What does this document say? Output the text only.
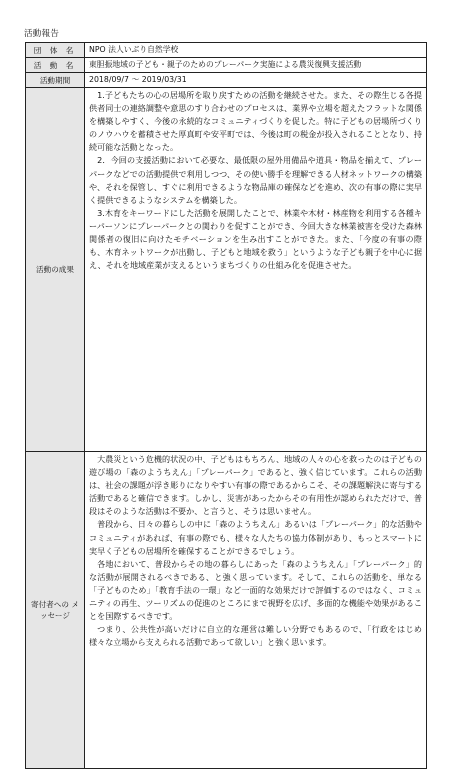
活動報告
団 体 名	NPO 法人いぶり自然学校
活 動 名	東胆振地域の子ども・親子のためのプレーパーク実施による農災復興支援活動
活動期間	2018/09/7 ～ 2019/03/31
活動の成果	1.子どもたちの心の居場所を取り戻すための活動を継続させた。また、その際生じる各提供者同士の連絡調整や意思のすり合わせのプロセスは、業界や立場を超えたフラットな関係を構築しやすく、今後の永続的なコミュニティづくりを促した。特に子どもの居場所づくりのノウハウを蓄積させた厚真町や安平町では、今後は町の税金が投入されることとなり、持続可能な活動となった。

2．今回の支援活動において必要な、最低限の屋外用備品や道具・物品を揃えて、プレーパークなどでの活動提供で利用しつつ、その使い勝手を理解できる人材ネットワークの構築や、それを保管し、すぐに利用できるような物品庫の確保などを進め、次の有事の際に実早く提供できるようなシステムを構築した。

3.木育をキーワードにした活動を展開したことで、林業や木材・林産物を利用する各種キーパーソンにプレーパークとの関わりを促すことができ、今回大きな林業被害を受けた森林関係者の復旧に向けたモチベーションを生み出すことができた。また、「今度の有事の際も、木育ネットワークが出動し、子どもと地域を救う」というような子ども親子を中心に据え、それを地域産業が支えるというまちづくりの仕組み化を促進させた。

寄付者への メッセージ	大農災という危機的状況の中、子どもはもちろん、地域の人々の心を救ったのは子どもの遊び場の「森のようちえん」「プレーパーク」であると、強く信じています。これらの活動は、社会の課題が浮き彫りになりやすい有事の際であるからこそ、その課題解決に寄与する活動であると確信できます。しかし、災害があったからその有用性が認められただけで、普段はそのような活動は不要か、と言うと、そうは思いません。

普段から、日々の暮らしの中に「森のようちえん」あるいは「プレーパーク」的な活動やコミュニティがあれば、有事の際でも、様々な人たちの協力体制があり、もっとスマートに実早く子どもの居場所を確保することができるでしょう。

各地において、普段からその地の暮らしにあった「森のようちえん」「プレーパーク」的な活動が展開されるべきである、と強く思っています。そして、これらの活動を、単なる「子どものため」「教育手法の一環」など一面的な効果だけで評価するのではなく、コミュニティの再生、ツーリズムの促進のところにまで視野を広げ、多面的な機能や効果があることを国際するべきです。

つまり、公共性が高いだけに自立的な運営は難しい分野でもあるので、「行政をはじめ様々な立場から支えられる活動であって欲しい」と強く思います。
